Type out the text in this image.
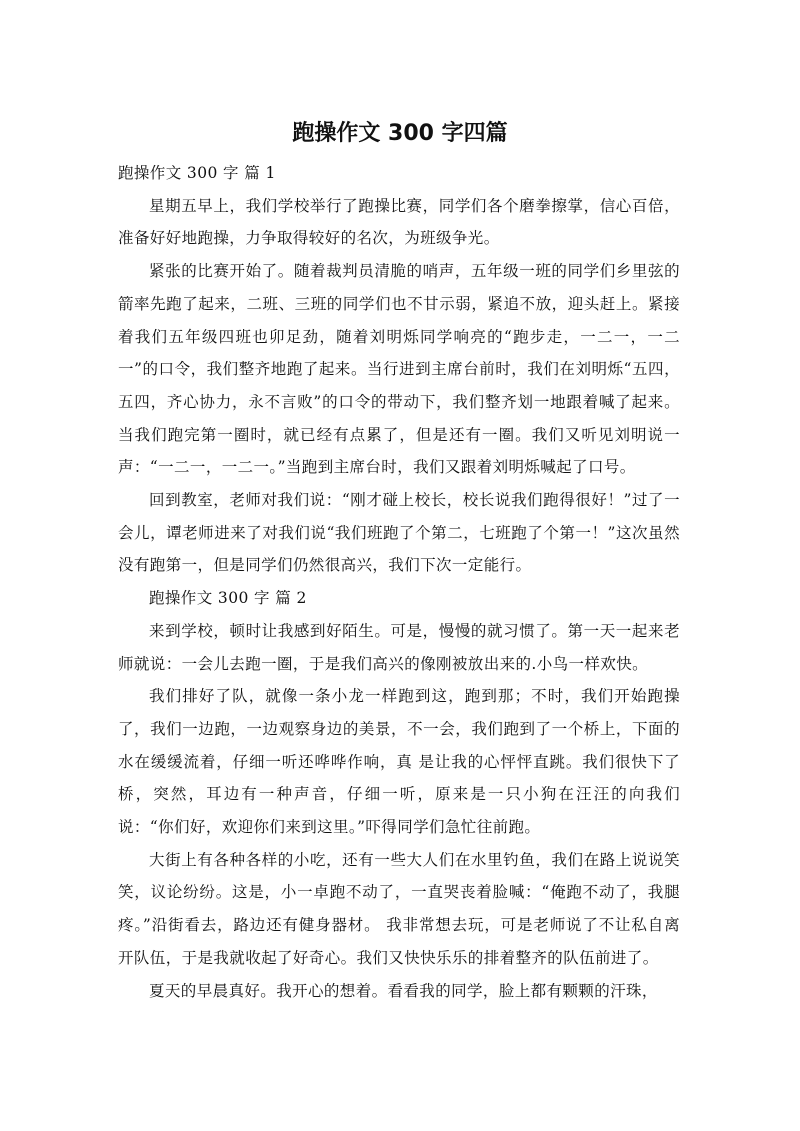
跑操作文 300 字四篇

跑操作文 300 字 篇 1

星期五早上，我们学校举行了跑操比赛，同学们各个磨拳擦掌，信心百倍，准备好好地跑操，力争取得较好的名次，为班级争光。

紧张的比赛开始了。随着裁判员清脆的哨声，五年级一班的同学们乡里弦的箭率先跑了起来，二班、三班的同学们也不甘示弱，紧追不放，迎头赶上。紧接着我们五年级四班也卯足劲，随着刘明烁同学响亮的“跑步走，一二一，一二一”的口令，我们整齐地跑了起来。当行进到主席台前时，我们在刘明烁“五四，五四，齐心协力，永不言败”的口令的带动下，我们整齐划一地跟着喊了起来。当我们跑完第一圈时，就已经有点累了，但是还有一圈。我们又听见刘明说一声：“一二一，一二一。”当跑到主席台时，我们又跟着刘明烁喊起了口号。

回到教室，老师对我们说：“刚才碰上校长，校长说我们跑得很好！”过了一会儿，谭老师进来了对我们说“我们班跑了个第二，七班跑了个第一！”这次虽然没有跑第一，但是同学们仍然很高兴，我们下次一定能行。

跑操作文 300 字 篇 2

来到学校，顿时让我感到好陌生。可是，慢慢的就习惯了。第一天一起来老师就说：一会儿去跑一圈，于是我们高兴的像刚被放出来的.小鸟一样欢快。

我们排好了队，就像一条小龙一样跑到这，跑到那；不时，我们开始跑操了，我们一边跑，一边观察身边的美景，不一会，我们跑到了一个桥上，下面的水在缓缓流着，仔细一听还哗哗作响，真 是让我的心怦怦直跳。我们很快下了桥，突然，耳边有一种声音，仔细一听，原来是一只小狗在汪汪的向我们说：“你们好，欢迎你们来到这里。”吓得同学们急忙往前跑。

大街上有各种各样的小吃，还有一些大人们在水里钓鱼，我们在路上说说笑笑，议论纷纷。这是，小一卓跑不动了，一直哭丧着脸喊：“俺跑不动了，我腿疼。”沿街看去，路边还有健身器材。 我非常想去玩，可是老师说了不让私自离开队伍，于是我就收起了好奇心。我们又快快乐乐的排着整齐的队伍前进了。

夏天的早晨真好。我开心的想着。看看我的同学，脸上都有颗颗的汗珠，
